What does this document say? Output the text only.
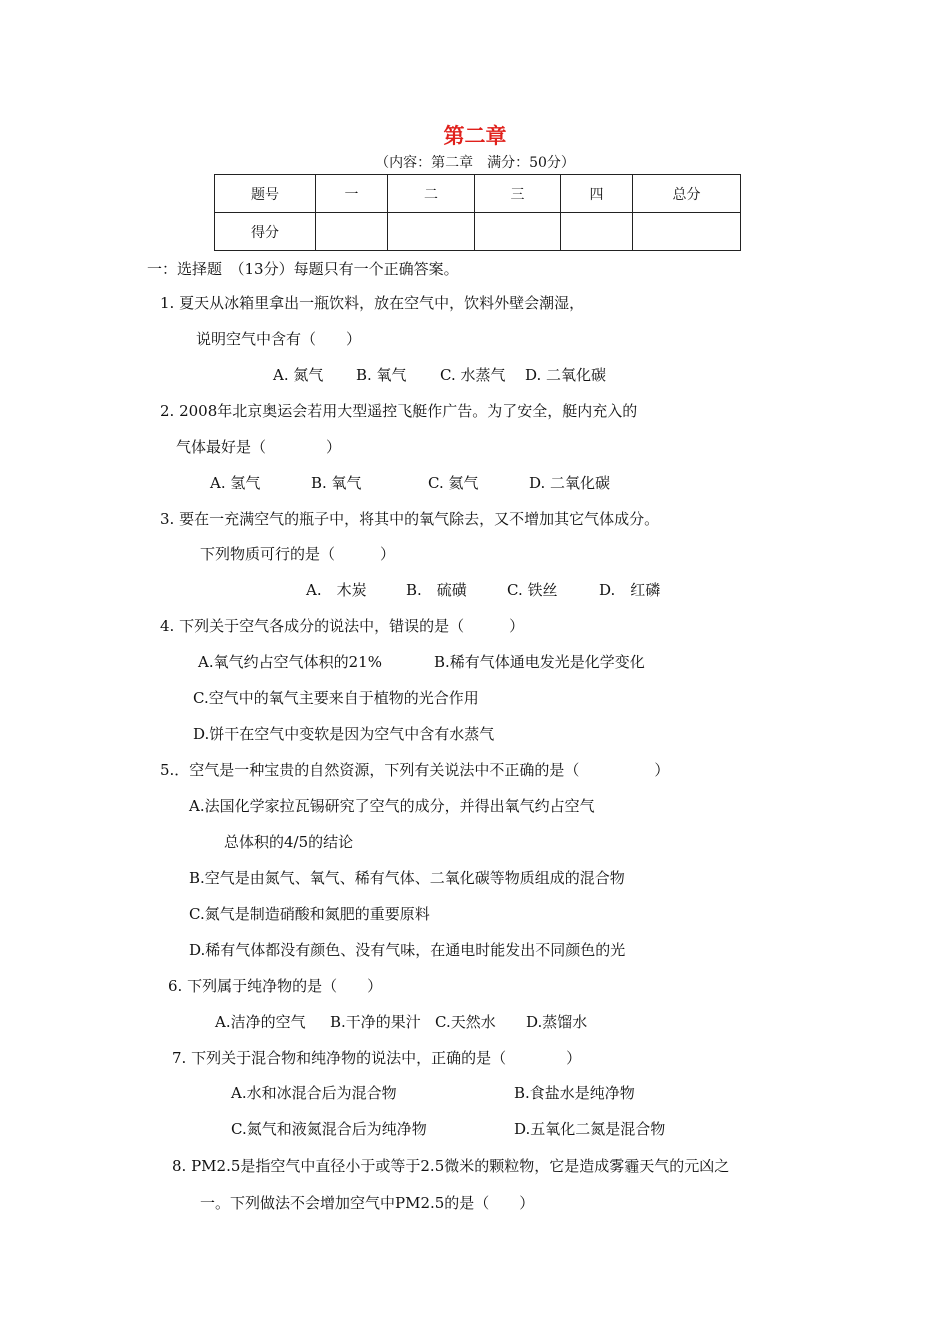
第二章
（内容：第二章　满分：50分）
题号	一	二	三	四	总分
得分					
一：选择题　（13分）每题只有一个正确答案。
1. 夏天从冰箱里拿出一瓶饮料，放在空气中，饮料外壁会潮湿，
说明空气中含有（　　）
A. 氮气 B. 氧气 C. 水蒸气 D. 二氧化碳
2. 2008年北京奥运会若用大型遥控飞艇作广告。为了安全，艇内充入的
气体最好是（　　　　）
A. 氢气	B. 氧气	C. 氦气	D. 二氧化碳
3. 要在一充满空气的瓶子中，将其中的氧气除去，又不增加其它气体成分。
下列物质可行的是（　　　）
A.　木炭	B.　硫磺	C. 铁丝	D.　红磷
4. 下列关于空气各成分的说法中，错误的是（　　　）
A.氧气约占空气体积的21%	B.稀有气体通电发光是化学变化
C.空气中的氧气主要来自于植物的光合作用
D.饼干在空气中变软是因为空气中含有水蒸气
5.．空气是一种宝贵的自然资源，下列有关说法中不正确的是（　　　　　）
A.法国化学家拉瓦锡研究了空气的成分，并得出氧气约占空气
总体积的4/5的结论
B.空气是由氮气、氧气、稀有气体、二氧化碳等物质组成的混合物
C.氮气是制造硝酸和氮肥的重要原料
D.稀有气体都没有颜色、没有气味，在通电时能发出不同颜色的光
6. 下列属于纯净物的是（　　）
A.洁净的空气 B.干净的果汁 C.天然水 D.蒸馏水
7. 下列关于混合物和纯净物的说法中，正确的是（　　　　）
A.水和冰混合后为混合物	B.食盐水是纯净物
C.氮气和液氮混合后为纯净物	D.五氧化二氮是混合物
8. PM2.5是指空气中直径小于或等于2.5微米的颗粒物，它是造成雾霾天气的元凶之
一。下列做法不会增加空气中PM2.5的是（　　）
